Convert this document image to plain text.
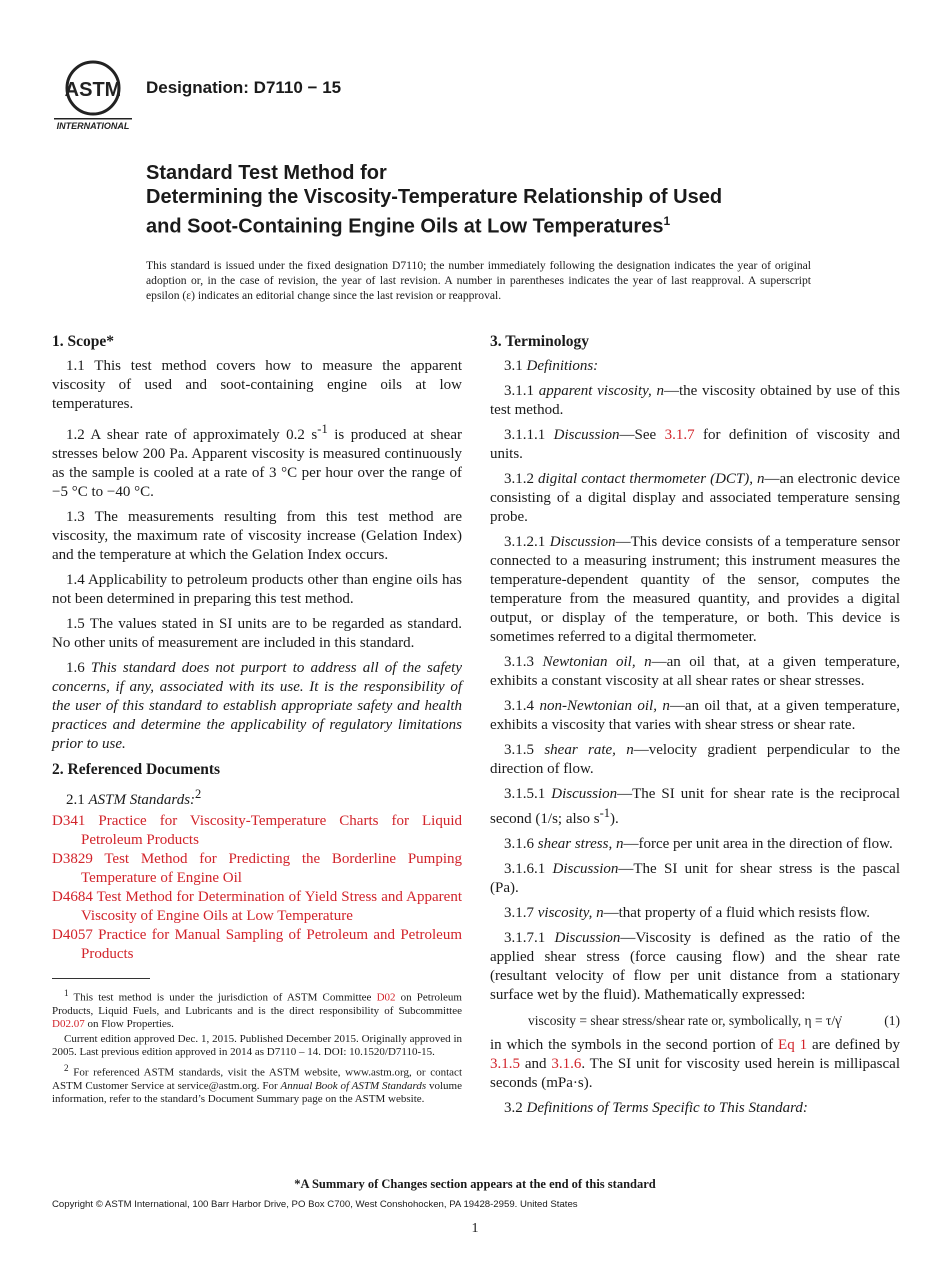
ASTM
INTERNATIONAL
Designation: D7110 − 15
Standard Test Method for
Determining the Viscosity-Temperature Relationship of Used
and Soot-Containing Engine Oils at Low Temperatures$^1$
This standard is issued under the fixed designation D7110; the number immediately following the designation indicates the year of original adoption or, in the case of revision, the year of last revision. A number in parentheses indicates the year of last reapproval. A superscript epsilon (ε) indicates an editorial change since the last revision or reapproval.
1. Scope*

1.1 This test method covers how to measure the apparent viscosity of used and soot-containing engine oils at low temperatures.

1.2 A shear rate of approximately 0.2 $s^{-1}$ is produced at shear stresses below 200 Pa. Apparent viscosity is measured continuously as the sample is cooled at a rate of 3 °C per hour over the range of −5 °C to −40 °C.

1.3 The measurements resulting from this test method are viscosity, the maximum rate of viscosity increase (Gelation Index) and the temperature at which the Gelation Index occurs.

1.4 Applicability to petroleum products other than engine oils has not been determined in preparing this test method.

1.5 The values stated in SI units are to be regarded as standard. No other units of measurement are included in this standard.

1.6 This standard does not purport to address all of the safety concerns, if any, associated with its use. It is the responsibility of the user of this standard to establish appropriate safety and health practices and determine the applicability of regulatory limitations prior to use.

2. Referenced Documents

2.1 ASTM Standards:$^2$

D341 Practice for Viscosity-Temperature Charts for Liquid Petroleum Products
D3829 Test Method for Predicting the Borderline Pumping Temperature of Engine Oil
D4684 Test Method for Determination of Yield Stress and Apparent Viscosity of Engine Oils at Low Temperature
D4057 Practice for Manual Sampling of Petroleum and Petroleum Products

$^1$ This test method is under the jurisdiction of ASTM Committee D02 on Petroleum Products, Liquid Fuels, and Lubricants and is the direct responsibility of Subcommittee D02.07 on Flow Properties.

Current edition approved Dec. 1, 2015. Published December 2015. Originally approved in 2005. Last previous edition approved in 2014 as D7110 – 14. DOI: 10.1520/D7110-15.

$^2$ For referenced ASTM standards, visit the ASTM website, www.astm.org, or contact ASTM Customer Service at service@astm.org. For Annual Book of ASTM Standards volume information, refer to the standard’s Document Summary page on the ASTM website.

3. Terminology

3.1 Definitions:

3.1.1 apparent viscosity, n—the viscosity obtained by use of this test method.

3.1.1.1 Discussion—See 3.1.7 for definition of viscosity and units.

3.1.2 digital contact thermometer (DCT), n—an electronic device consisting of a digital display and associated temperature sensing probe.

3.1.2.1 Discussion—This device consists of a temperature sensor connected to a measuring instrument; this instrument measures the temperature-dependent quantity of the sensor, computes the temperature from the measured quantity, and provides a digital output, or display of the temperature, or both. This device is sometimes referred to a digital thermometer.

3.1.3 Newtonian oil, n—an oil that, at a given temperature, exhibits a constant viscosity at all shear rates or shear stresses.

3.1.4 non-Newtonian oil, n—an oil that, at a given temperature, exhibits a viscosity that varies with shear stress or shear rate.

3.1.5 shear rate, n—velocity gradient perpendicular to the direction of flow.

3.1.5.1 Discussion—The SI unit for shear rate is the reciprocal second (1/s; also $s^{-1}$).

3.1.6 shear stress, n—force per unit area in the direction of flow.

3.1.6.1 Discussion—The SI unit for shear stress is the pascal (Pa).

3.1.7 viscosity, n—that property of a fluid which resists flow.

3.1.7.1 Discussion—Viscosity is defined as the ratio of the applied shear stress (force causing flow) and the shear rate (resultant velocity of flow per unit distance from a stationary surface wet by the fluid). Mathematically expressed:

viscosity = shear stress/shear rate or, symbolically, η = τ/γ̇	(1)

in which the symbols in the second portion of Eq 1 are defined by 3.1.5 and 3.1.6. The SI unit for viscosity used herein is millipascal seconds (mPa·s).

3.2 Definitions of Terms Specific to This Standard:

*A Summary of Changes section appears at the end of this standard
Copyright © ASTM International, 100 Barr Harbor Drive, PO Box C700, West Conshohocken, PA 19428-2959. United States
1
